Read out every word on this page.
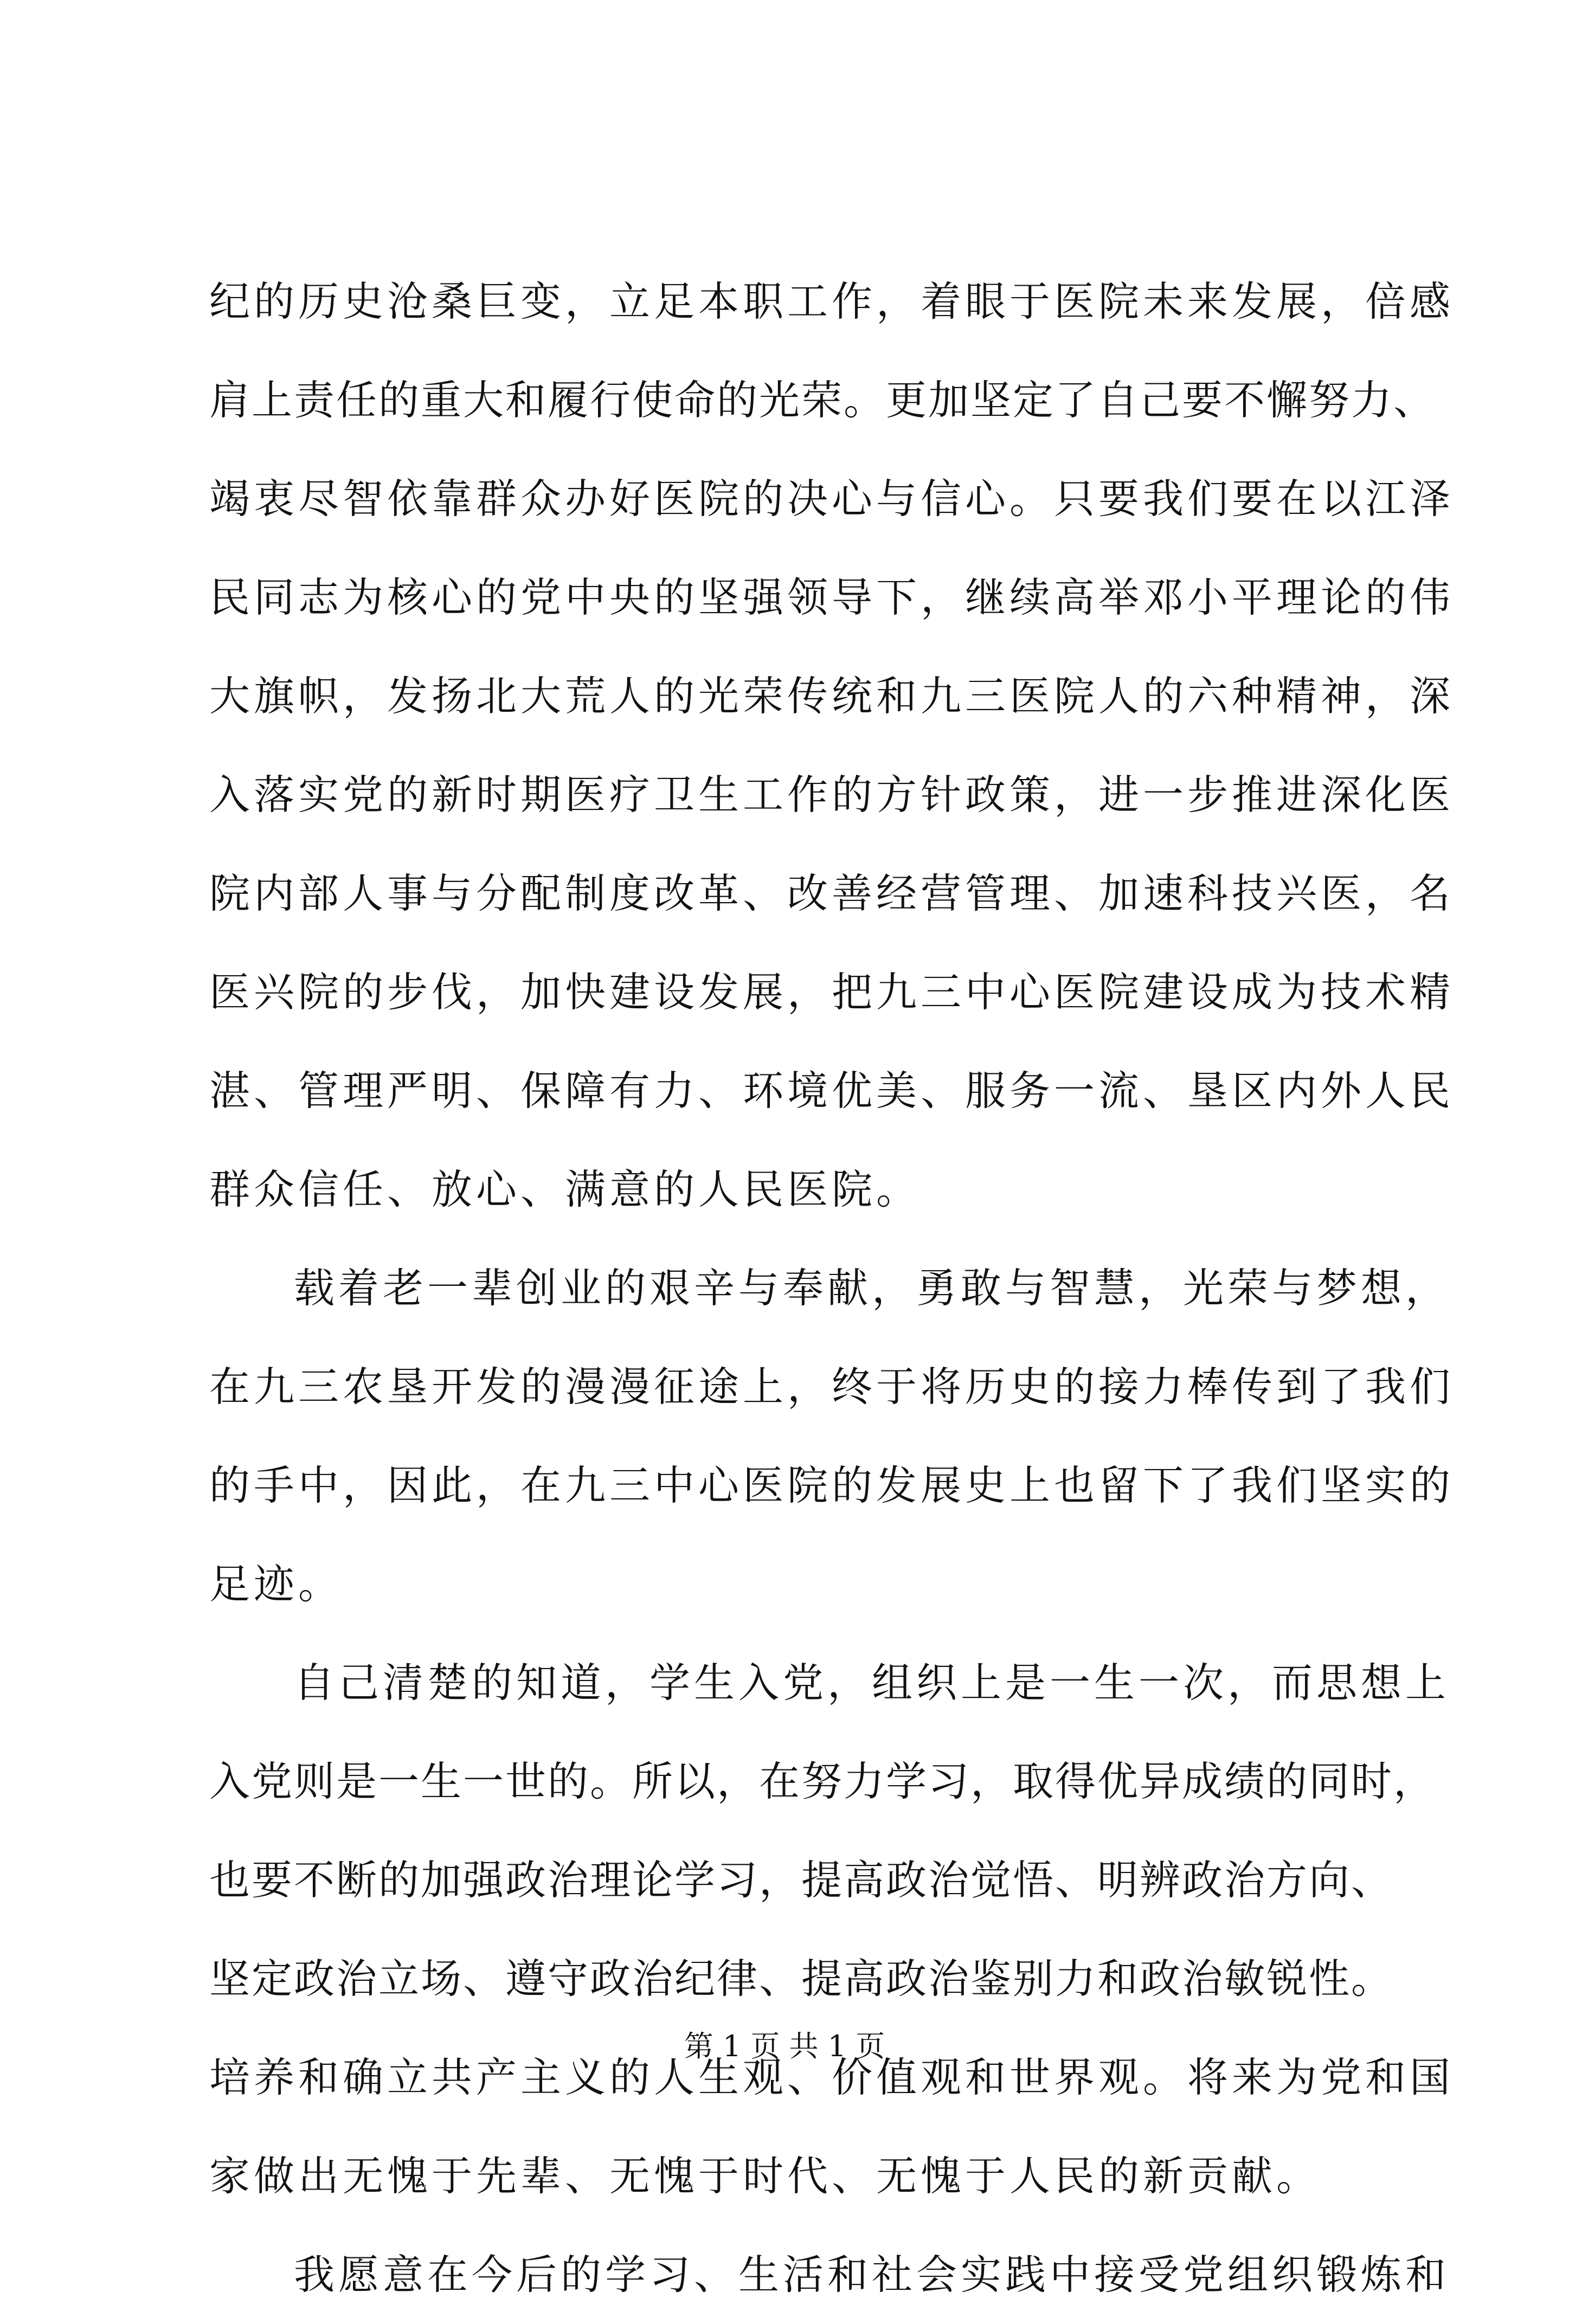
纪的历史沧桑巨变，立足本职工作，着眼于医院未来发展，倍感
肩上责任的重大和履行使命的光荣。更加坚定了自己要不懈努力、
竭衷尽智依靠群众办好医院的决心与信心。只要我们要在以江泽
民同志为核心的党中央的坚强领导下，继续高举邓小平理论的伟
大旗帜，发扬北大荒人的光荣传统和九三医院人的六种精神，深
入落实党的新时期医疗卫生工作的方针政策，进一步推进深化医
院内部人事与分配制度改革、改善经营管理、加速科技兴医，名
医兴院的步伐，加快建设发展，把九三中心医院建设成为技术精
湛、管理严明、保障有力、环境优美、服务一流、垦区内外人民
群众信任、放心、满意的人民医院。
载着老一辈创业的艰辛与奉献，勇敢与智慧，光荣与梦想，
在九三农垦开发的漫漫征途上，终于将历史的接力棒传到了我们
的手中，因此，在九三中心医院的发展史上也留下了我们坚实的
足迹。
自己清楚的知道，学生入党，组织上是一生一次，而思想上
入党则是一生一世的。所以，在努力学习，取得优异成绩的同时，
也要不断的加强政治理论学习，提高政治觉悟、明辨政治方向、
坚定政治立场、遵守政治纪律、提高政治鉴别力和政治敏锐性。
培养和确立共产主义的人生观、价值观和世界观。将来为党和国
家做出无愧于先辈、无愧于时代、无愧于人民的新贡献。
我愿意在今后的学习、生活和社会实践中接受党组织锻炼和
第 1 页 共 1 页
